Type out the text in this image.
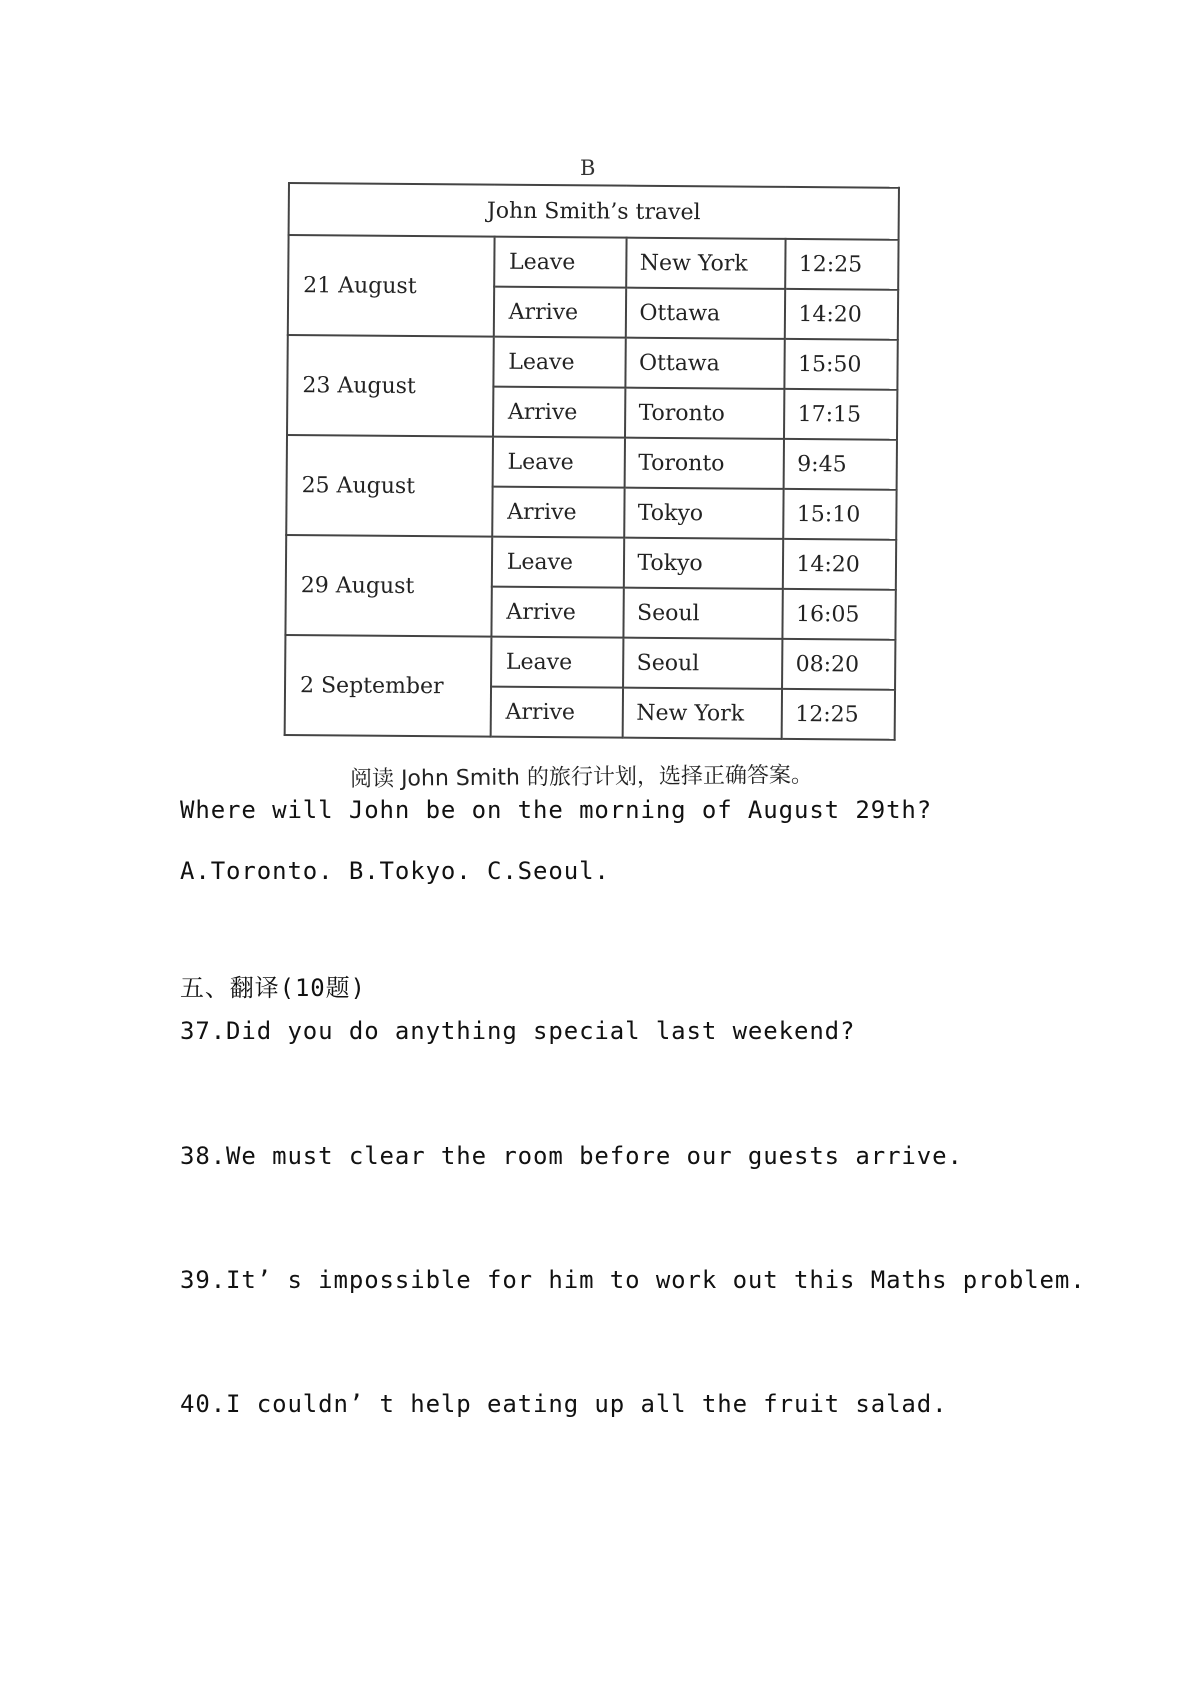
B
John Smith’s travel			
21 August	Leave	New York	12:25
	Arrive	Ottawa	14:20
23 August	Leave	Ottawa	15:50
	Arrive	Toronto	17:15
25 August	Leave	Toronto	9:45
	Arrive	Tokyo	15:10
29 August	Leave	Tokyo	14:20
	Arrive	Seoul	16:05
2 September	Leave	Seoul	08:20
	Arrive	New York	12:25
阅读 John Smith 的旅行计划，选择正确答案。
Where will John be on the morning of August 29th?
A.Toronto. B.Tokyo. C.Seoul.
五、翻译(10题)
37.Did you do anything special last weekend?
38.We must clear the room before our guests arrive.
39.It’ s impossible for him to work out this Maths problem.
40.I couldn’ t help eating up all the fruit salad.
